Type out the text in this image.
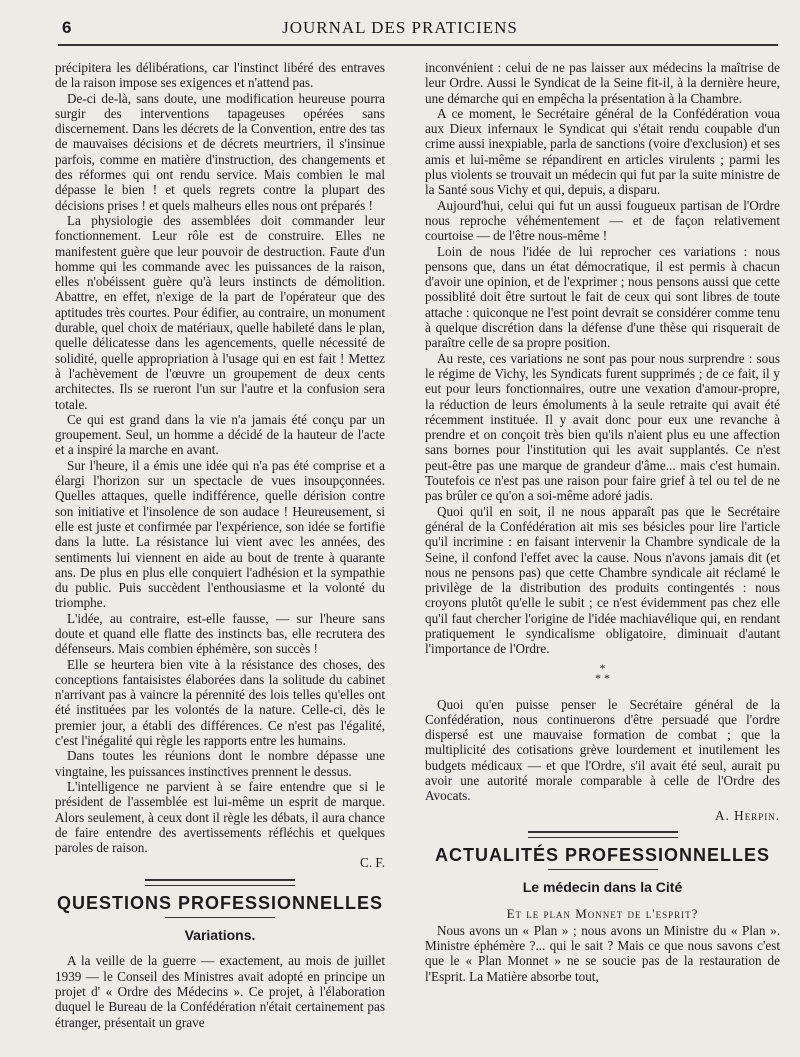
6	JOURNAL DES PRATICIENS

précipitera les délibérations, car l'instinct libéré des entraves de la raison impose ses exigences et n'attend pas.

De-ci de-là, sans doute, une modification heureuse pourra surgir des interventions tapageuses opérées sans discernement. Dans les décrets de la Convention, entre des tas de mauvaises décisions et de décrets meurtriers, il s'insinue parfois, comme en matière d'instruction, des changements et des réformes qui ont rendu service. Mais combien le mal dépasse le bien ! et quels regrets contre la plupart des décisions prises ! et quels malheurs elles nous ont préparés !

La physiologie des assemblées doit commander leur fonctionnement. Leur rôle est de construire. Elles ne manifestent guère que leur pouvoir de destruction. Faute d'un homme qui les commande avec les puissances de la raison, elles n'obéissent guère qu'à leurs instincts de démolition. Abattre, en effet, n'exige de la part de l'opérateur que des aptitudes très courtes. Pour édifier, au contraire, un monument durable, quel choix de matériaux, quelle habileté dans le plan, quelle délicatesse dans les agencements, quelle nécessité de solidité, quelle appropriation à l'usage qui en est fait ! Mettez à l'achèvement de l'œuvre un groupement de deux cents architectes. Ils se rueront l'un sur l'autre et la confusion sera totale.

Ce qui est grand dans la vie n'a jamais été conçu par un groupement. Seul, un homme a décidé de la hauteur de l'acte et a inspiré la marche en avant.

Sur l'heure, il a émis une idée qui n'a pas été comprise et a élargi l'horizon sur un spectacle de vues insoupçonnées. Quelles attaques, quelle indifférence, quelle dérision contre son initiative et l'insolence de son audace ! Heureusement, si elle est juste et confirmée par l'expérience, son idée se fortifie dans la lutte. La résistance lui vient avec les années, des sentiments lui viennent en aide au bout de trente à quarante ans. De plus en plus elle conquiert l'adhésion et la sympathie du public. Puis succèdent l'enthousiasme et la volonté du triomphe.

L'idée, au contraire, est-elle fausse, — sur l'heure sans doute et quand elle flatte des instincts bas, elle recrutera des défenseurs. Mais combien éphémère, son succès !

Elle se heurtera bien vite à la résistance des choses, des conceptions fantaisistes élaborées dans la solitude du cabinet n'arrivant pas à vaincre la pérennité des lois telles qu'elles ont été instituées par les volontés de la nature. Celle-ci, dès le premier jour, a établi des différences. Ce n'est pas l'égalité, c'est l'inégalité qui règle les rapports entre les humains.

Dans toutes les réunions dont le nombre dépasse une vingtaine, les puissances instinctives prennent le dessus.

L'intelligence ne parvient à se faire entendre que si le président de l'assemblée est lui-même un esprit de marque. Alors seulement, à ceux dont il règle les débats, il aura chance de faire entendre des avertissements réfléchis et quelques paroles de raison.

C. F.

QUESTIONS PROFESSIONNELLES
Variations.

A la veille de la guerre — exactement, au mois de juillet 1939 — le Conseil des Ministres avait adopté en principe un projet d' « Ordre des Médecins ». Ce projet, à l'élaboration duquel le Bureau de la Confédération n'était certainement pas étranger, présentait un grave

inconvénient : celui de ne pas laisser aux médecins la maîtrise de leur Ordre. Aussi le Syndicat de la Seine fit-il, à la dernière heure, une démarche qui en empêcha la présentation à la Chambre.

A ce moment, le Secrétaire général de la Confédération voua aux Dieux infernaux le Syndicat qui s'était rendu coupable d'un crime aussi inexpiable, parla de sanctions (voire d'exclusion) et ses amis et lui-même se répandirent en articles virulents ; parmi les plus violents se trouvait un médecin qui fut par la suite ministre de la Santé sous Vichy et qui, depuis, a disparu.

Aujourd'hui, celui qui fut un aussi fougueux partisan de l'Ordre nous reproche véhémentement — et de façon relativement courtoise — de l'être nous-même !

Loin de nous l'idée de lui reprocher ces variations : nous pensons que, dans un état démocratique, il est permis à chacun d'avoir une opinion, et de l'exprimer ; nous pensons aussi que cette possiblité doit être surtout le fait de ceux qui sont libres de toute attache : quiconque ne l'est point devrait se considérer comme tenu à quelque discrétion dans la défense d'une thèse qui risquerait de paraître celle de sa propre position.

Au reste, ces variations ne sont pas pour nous surprendre : sous le régime de Vichy, les Syndicats furent supprimés ; de ce fait, il y eut pour leurs fonctionnaires, outre une vexation d'amour-propre, la réduction de leurs émoluments à la seule retraite qui avait été récemment instituée. Il y avait donc pour eux une revanche à prendre et on conçoit très bien qu'ils n'aient plus eu une affection sans bornes pour l'institution qui les avait supplantés. Ce n'est peut-être pas une marque de grandeur d'âme... mais c'est humain. Toutefois ce n'est pas une raison pour faire grief à tel ou tel de ne pas brûler ce qu'on a soi-même adoré jadis.

Quoi qu'il en soit, il ne nous apparaît pas que le Secrétaire général de la Confédération ait mis ses bésicles pour lire l'article qu'il incrimine : en faisant intervenir la Chambre syndicale de la Seine, il confond l'effet avec la cause. Nous n'avons jamais dit (et nous ne pensons pas) que cette Chambre syndicale ait réclamé le privilège de la distribution des produits contingentés : nous croyons plutôt qu'elle le subit ; ce n'est évidemment pas chez elle qu'il faut chercher l'origine de l'idée machiavélique qui, en rendant pratiquement le syndicalisme obligatoire, diminuait d'autant l'importance de l'Ordre.

*
* *

Quoi qu'en puisse penser le Secrétaire général de la Confédération, nous continuerons d'être persuadé que l'ordre dispersé est une mauvaise formation de combat ; que la multiplicité des cotisations grève lourdement et inutilement les budgets médicaux — et que l'Ordre, s'il avait été seul, aurait pu avoir une autorité morale comparable à celle de l'Ordre des Avocats.

A. Herpin.

ACTUALITÉS PROFESSIONNELLES
Le médecin dans la Cité
Et le plan Monnet de l'esprit?

Nous avons un « Plan » ; nous avons un Ministre du « Plan ». Ministre éphémère ?... qui le sait ? Mais ce que nous savons c'est que le « Plan Monnet » ne se soucie pas de la restauration de l'Esprit. La Matière absorbe tout,
